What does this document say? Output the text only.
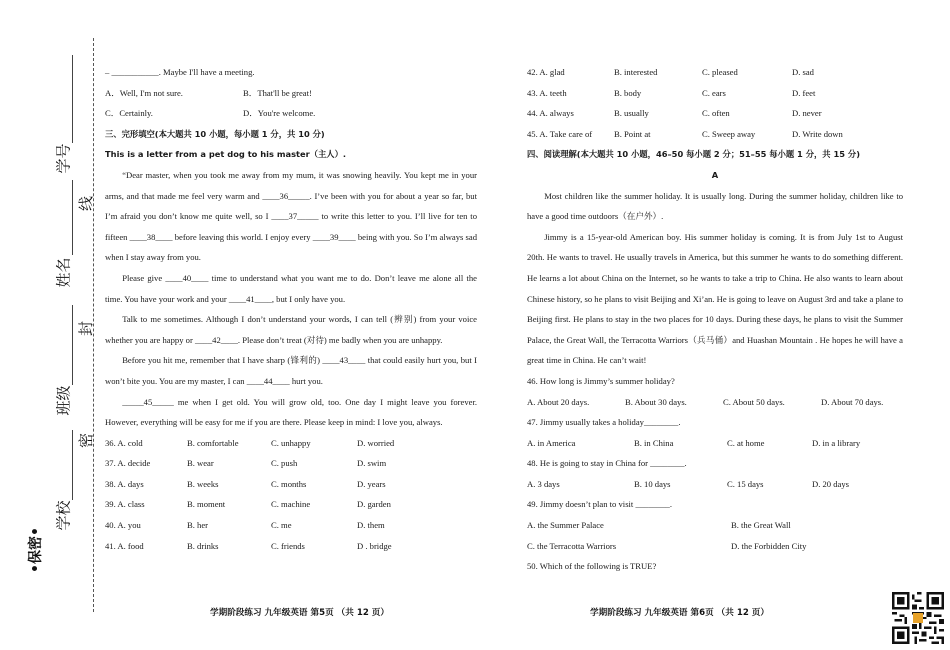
•保密•
学校
班级
姓名
学号
密
封
线

– ___________. Maybe I'll have a meeting.

A．Well, I'm not sure.	B．That'll be great!
C．Certainly.	D．You're welcome.

三、完形填空(本大题共 10 小题，每小题 1 分，共 10 分)

This is a letter from a pet dog to his master（主人）.

“Dear master, when you took me away from my mum, it was snowing heavily. You kept me in your arms, and that made me feel very warm and ____36_____. I’ve been with you for about a year so far, but I’m afraid you don’t know me quite well, so I ____37_____ to write this letter to you. I’ll live for ten to fifteen ____38____ before leaving this world. I enjoy every ____39____ being with you. So I’m always sad when I stay away from you.

Please give ____40____ time to understand what you want me to do. Don’t leave me alone all the time. You have your work and your ____41____, but I only have you.

Talk to me sometimes. Although I don’t understand your words, I can tell (辨别) from your voice whether you are happy or ____42____. Please don’t treat (对待) me badly when you are unhappy.

Before you hit me, remember that I have sharp (锋利的) ____43____ that could easily hurt you, but I won’t bite you. You are my master, I can ____44____ hurt you.

_____45_____ me when I get old. You will grow old, too. One day I might leave you forever. However, everything will be easy for me if you are there. Please keep in mind: I love you, always.

36. A. cold	B. comfortable	C. unhappy	D. worried
37. A. decide	B. wear	C. push	D. swim
38. A. days	B. weeks	C. months	D. years
39. A. class	B. moment	C. machine	D. garden
40. A. you	B. her	C. me	D. them
41. A. food	B. drinks	C. friends	D . bridge
42. A. glad	B. interested	C. pleased	D. sad
43. A. teeth	B. body	C. ears	D. feet
44. A. always	B. usually	C. often	D. never
45. A. Take care of	B. Point at	C. Sweep away	D. Write down

四、阅读理解(本大题共 10 小题，46–50 每小题 2 分；51–55 每小题 1 分，共 15 分)

A

Most children like the summer holiday. It is usually long. During the summer holiday, children like to have a good time outdoors（在户外）.

Jimmy is a 15-year-old American boy. His summer holiday is coming. It is from July 1st to August 20th. He wants to travel. He usually travels in America, but this summer he wants to do something different. He learns a lot about China on the Internet, so he wants to take a trip to China. He also wants to learn about Chinese history, so he plans to visit Beijing and Xi’an. He is going to leave on August 3rd and take a plane to Beijing first. He plans to stay in the two places for 10 days. During these days, he plans to visit the Summer Palace, the Great Wall, the Terracotta Warriors（兵马俑）and Huashan Mountain . He hopes he will have a great time in China. He can’t wait!

46. How long is Jimmy’s summer holiday?

A. About 20 days.	B. About 30 days.	C. About 50 days.	D. About 70 days.

47. Jimmy usually takes a holiday________.

A. in America	B. in China	C. at home	D. in a library

48. He is going to stay in China for ________.

A. 3 days	B. 10 days	C. 15 days	D. 20 days

49. Jimmy doesn’t plan to visit ________.

A. the Summer Palace	B. the Great Wall
C. the Terracotta Warriors	D. the Forbidden City

50. Which of the following is TRUE?

学期阶段练习 九年级英语 第5页 （共 12 页）	学期阶段练习 九年级英语 第6页 （共 12 页）
